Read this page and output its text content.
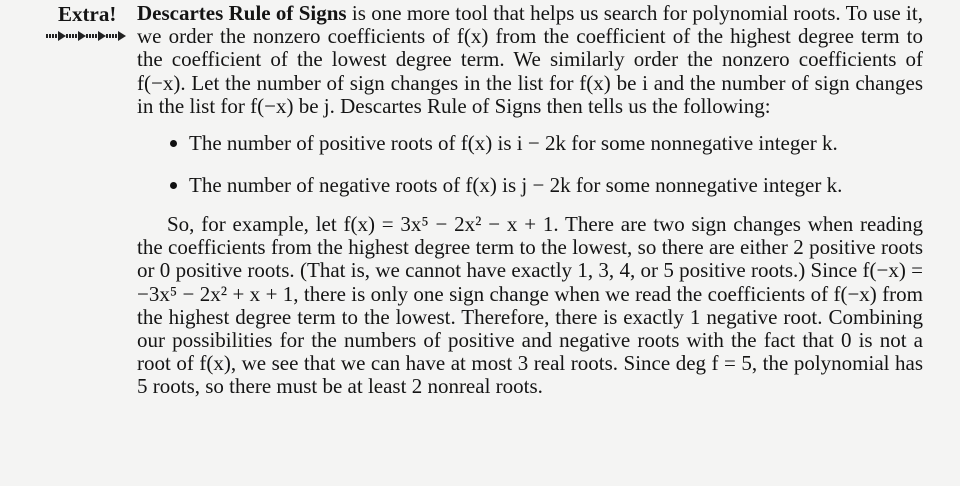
Extra! Descartes Rule of Signs is one more tool that helps us search for polynomial roots. To use it, we order the nonzero coefficients of f(x) from the coefficient of the highest degree term to the coefficient of the lowest degree term. We similarly order the nonzero coefficients of f(−x). Let the number of sign changes in the list for f(x) be i and the number of sign changes in the list for f(−x) be j. Descartes Rule of Signs then tells us the following:

The number of positive roots of f(x) is i − 2k for some nonnegative integer k.
The number of negative roots of f(x) is j − 2k for some nonnegative integer k.

So, for example, let f(x) = 3x⁵ − 2x² − x + 1. There are two sign changes when reading the coefficients from the highest degree term to the lowest, so there are either 2 positive roots or 0 positive roots. (That is, we cannot have exactly 1, 3, 4, or 5 positive roots.) Since f(−x) = −3x⁵ − 2x² + x + 1, there is only one sign change when we read the coefficients of f(−x) from the highest degree term to the lowest. Therefore, there is exactly 1 negative root. Combining our possibilities for the numbers of positive and negative roots with the fact that 0 is not a root of f(x), we see that we can have at most 3 real roots. Since deg f = 5, the polynomial has 5 roots, so there must be at least 2 nonreal roots.
